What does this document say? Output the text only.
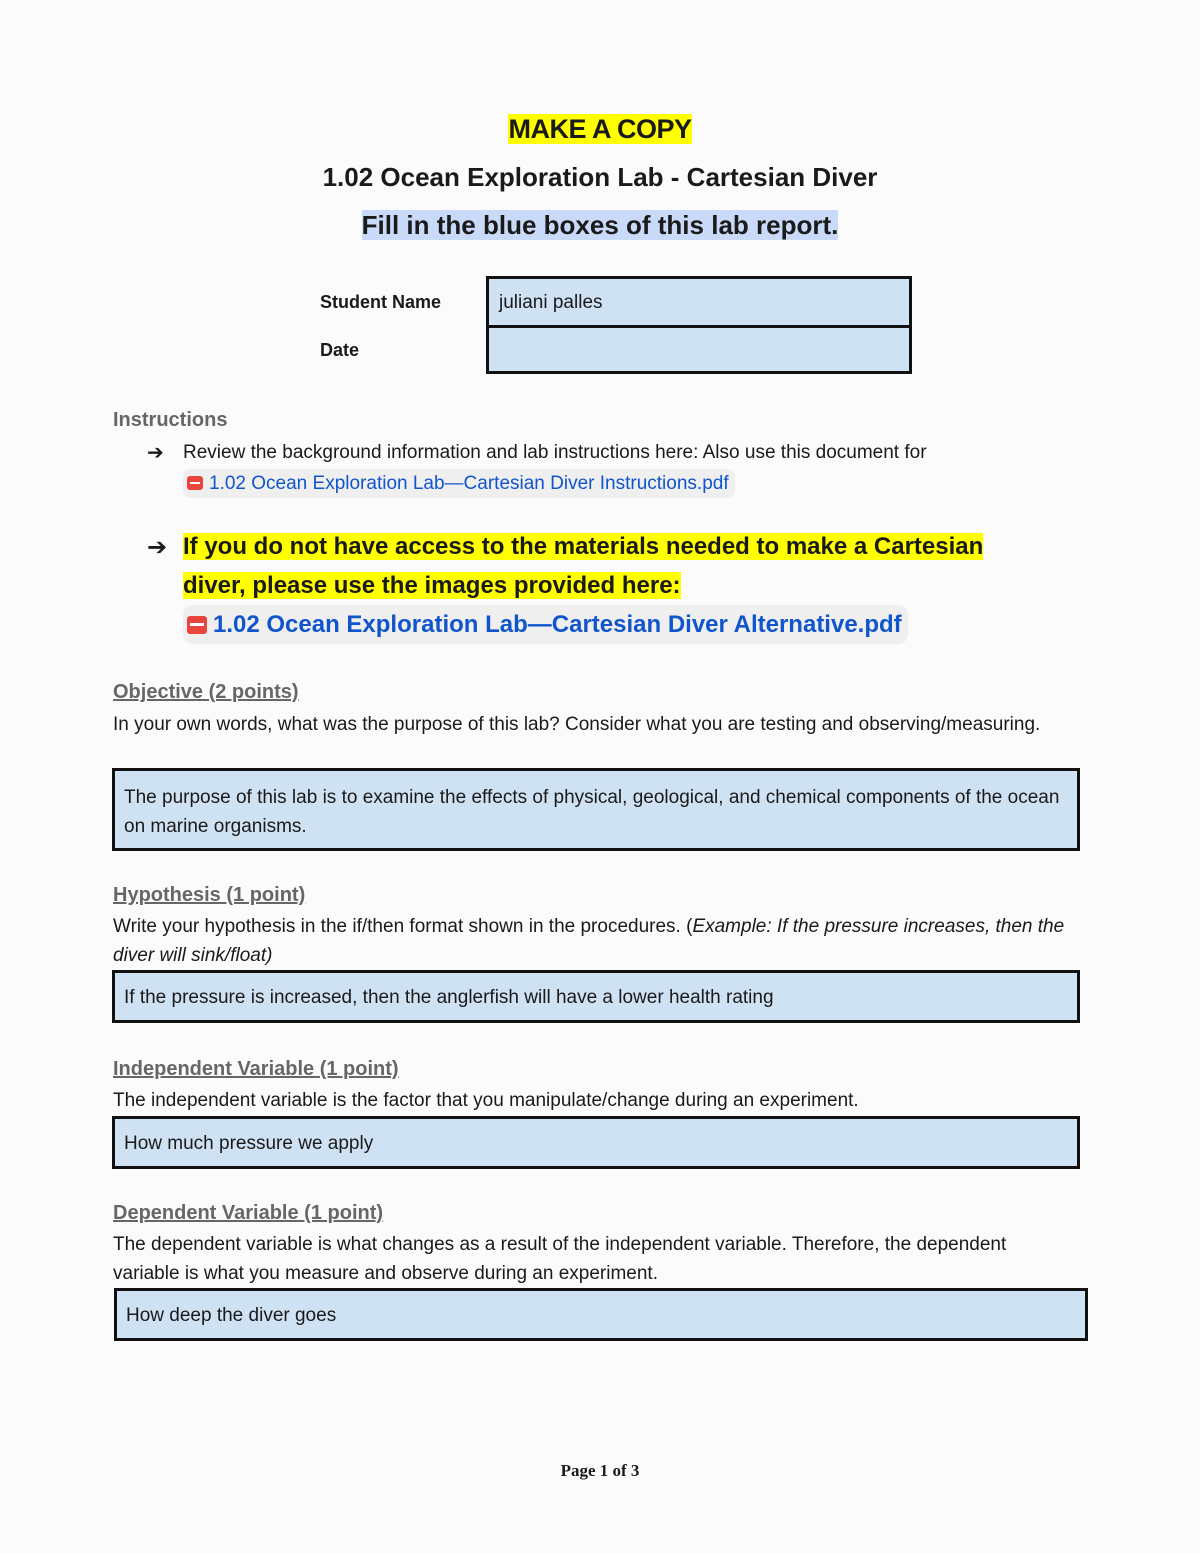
MAKE A COPY
1.02 Ocean Exploration Lab - Cartesian Diver
Fill in the blue boxes of this lab report.
Student Name
Date
juliani palles
Instructions
➔ Review the background information and lab instructions here: Also use this document for
1.02 Ocean Exploration Lab—Cartesian Diver Instructions.pdf
➔ If you do not have access to the materials needed to make a Cartesian
diver, please use the images provided here:
1.02 Ocean Exploration Lab—Cartesian Diver Alternative.pdf
Objective (2 points)
In your own words, what was the purpose of this lab? Consider what you are testing and observing/measuring.
The purpose of this lab is to examine the effects of physical, geological, and chemical components of the ocean on marine organisms.
Hypothesis (1 point)
Write your hypothesis in the if/then format shown in the procedures. (Example: If the pressure increases, then the diver will sink/float)
If the pressure is increased, then the anglerfish will have a lower health rating
Independent Variable (1 point)
The independent variable is the factor that you manipulate/change during an experiment.
How much pressure we apply
Dependent Variable (1 point)
The dependent variable is what changes as a result of the independent variable. Therefore, the dependent variable is what you measure and observe during an experiment.
How deep the diver goes
Page 1 of 3
